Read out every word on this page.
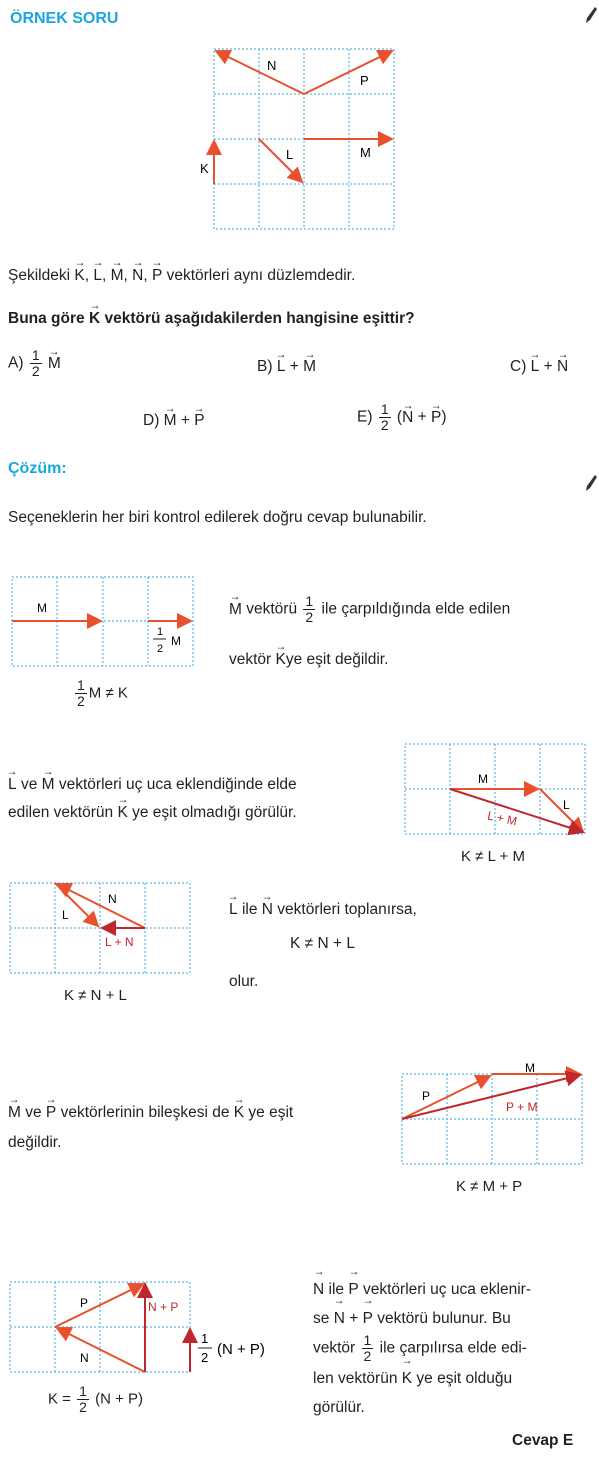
ÖRNEK SORU
N
P
K
L	M
Şekildeki → K, → L, → M, → N, → P vektörleri aynı düzlemdedir.
Buna göre → K vektörü aşağıdakilerden hangisine eşittir?
$A) \frac{1}{2}$
→ M	B) → L + → M	C) → L + → N
D) → M + → P	$E) \frac{1}{2}$ (→ N + → P)
Çözüm:
Seçeneklerin her biri kontrol edilerek doğru cevap bulunabilir.
M
1
2
M
$\frac{1}{2}$ M ≠ K
→ M vektörü $\frac{1}{2}$ ile çarpıldığında elde edilen
vektör → Kye eşit değildir.
→ L ve → M vektörleri uç uca eklendiğinde elde
edilen vektörün → K ye eşit olmadığı görülür.
M
L
L + M
K ≠ L + M
N
L
L + N
K ≠ N + L
→ L ile → N vektörleri toplanırsa,
K ≠ N + L
olur.
→ M ve → P vektörlerinin bileşkesi de → K ye eşit
değildir.
M
P
P + M
K ≠ M + P
P
N
N + P
1
2 (N + P)
$K = \frac{1}{2} (N + P)$
→ N ile → P vektörleri uç uca eklenir-
se → N + → P vektörü bulunur. Bu
vektör $\frac{1}{2}$ ile çarpılırsa elde edi-
len vektörün → K ye eşit olduğu
görülür.
Cevap E
